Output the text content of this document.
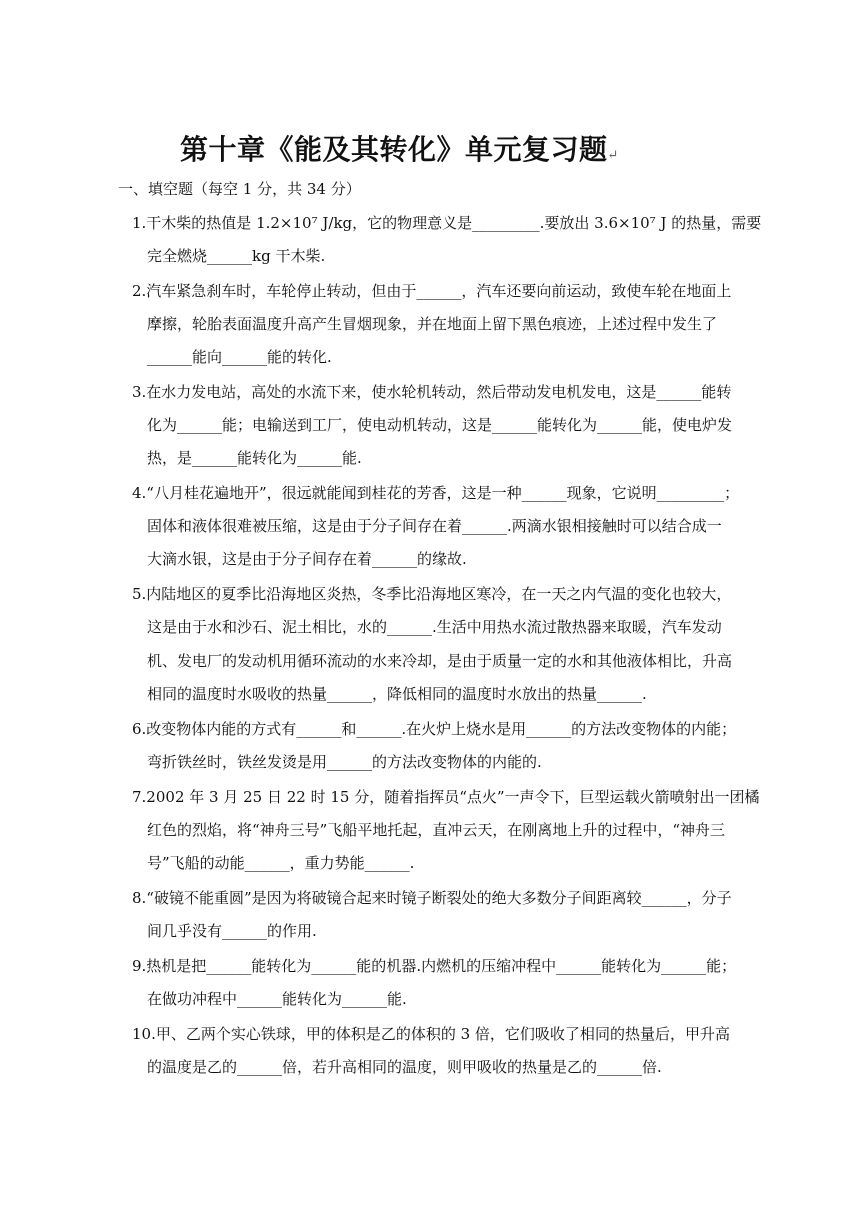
第十章《能及其转化》单元复习题↵
一、填空题（每空 1 分，共 34 分）
1.干木柴的热值是 1.2×10⁷ J/kg，它的物理意义是_________.要放出 3.6×10⁷ J 的热量，需要
完全燃烧______kg 干木柴.
2.汽车紧急刹车时，车轮停止转动，但由于______，汽车还要向前运动，致使车轮在地面上
摩擦，轮胎表面温度升高产生冒烟现象，并在地面上留下黑色痕迹，上述过程中发生了
______能向______能的转化.
3.在水力发电站，高处的水流下来，使水轮机转动，然后带动发电机发电，这是______能转
化为______能；电输送到工厂，使电动机转动，这是______能转化为______能，使电炉发
热，是______能转化为______能.
4.“八月桂花遍地开”，很远就能闻到桂花的芳香，这是一种______现象，它说明_________；
固体和液体很难被压缩，这是由于分子间存在着______.两滴水银相接触时可以结合成一
大滴水银，这是由于分子间存在着______的缘故.
5.内陆地区的夏季比沿海地区炎热，冬季比沿海地区寒冷，在一天之内气温的变化也较大，
这是由于水和沙石、泥土相比，水的______.生活中用热水流过散热器来取暖，汽车发动
机、发电厂的发动机用循环流动的水来冷却，是由于质量一定的水和其他液体相比，升高
相同的温度时水吸收的热量______，降低相同的温度时水放出的热量______.
6.改变物体内能的方式有______和______.在火炉上烧水是用______的方法改变物体的内能；
弯折铁丝时，铁丝发烫是用______的方法改变物体的内能的.
7.2002 年 3 月 25 日 22 时 15 分，随着指挥员“点火”一声令下，巨型运载火箭喷射出一团橘
红色的烈焰，将“神舟三号”飞船平地托起，直冲云天，在刚离地上升的过程中，“神舟三
号”飞船的动能______，重力势能______.
8.“破镜不能重圆”是因为将破镜合起来时镜子断裂处的绝大多数分子间距离较______，分子
间几乎没有______的作用.
9.热机是把______能转化为______能的机器.内燃机的压缩冲程中______能转化为______能；
在做功冲程中______能转化为______能.
10.甲、乙两个实心铁球，甲的体积是乙的体积的 3 倍，它们吸收了相同的热量后，甲升高
的温度是乙的______倍，若升高相同的温度，则甲吸收的热量是乙的______倍.
